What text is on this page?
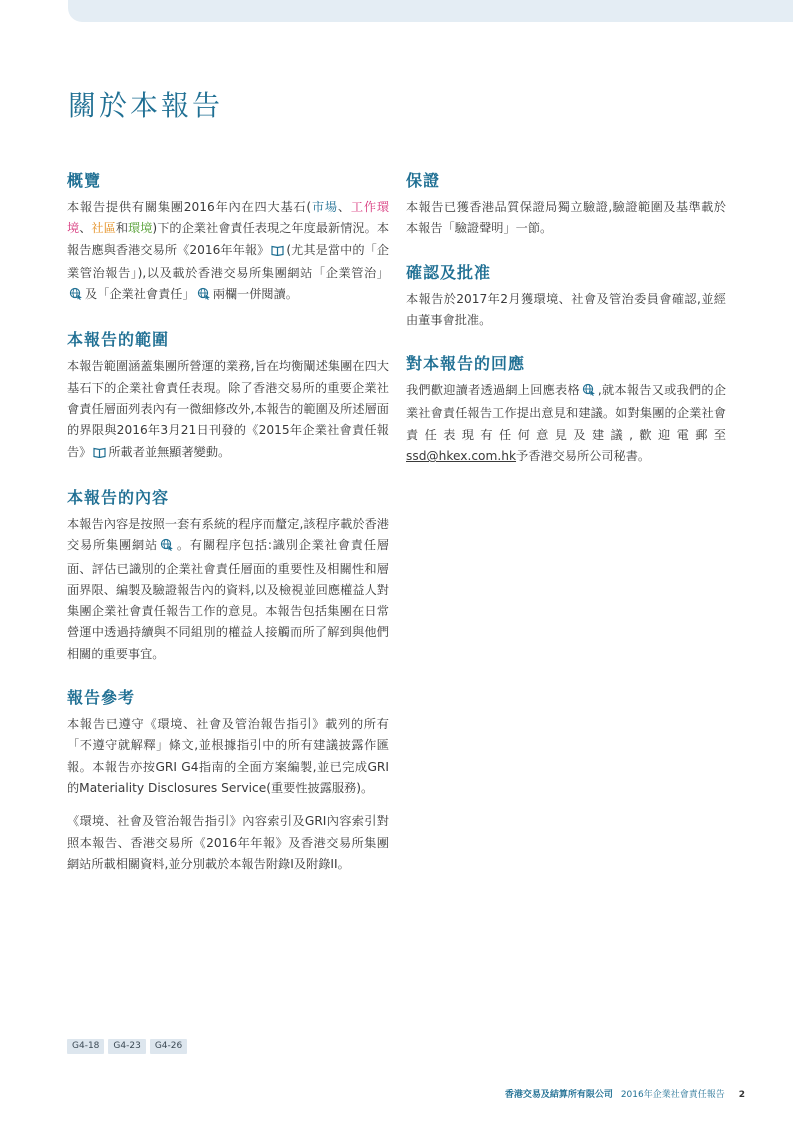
關於本報告
概覽

本報告提供有關集團2016年內在四大基石(市場、工作環境、社區和環境)下的企業社會責任表現之年度最新情況。本報告應與香港交易所《2016年年報》 (尤其是當中的「企業管治報告」),以及載於香港交易所集團網站「企業管治」及「企業社會責任」 兩欄一併閱讀。

本報告的範圍

本報告範圍涵蓋集團所營運的業務,旨在均衡闡述集團在四大基石下的企業社會責任表現。除了香港交易所的重要企業社會責任層面列表內有一微細修改外,本報告的範圍及所述層面的界限與2016年3月21日刊發的《2015年企業社會責任報告》 所載者並無顯著變動。

本報告的內容

本報告內容是按照一套有系統的程序而釐定,該程序載於香港交易所集團網站 。有關程序包括:識別企業社會責任層面、評估已識別的企業社會責任層面的重要性及相關性和層面界限、編製及驗證報告內的資料,以及檢視並回應權益人對集團企業社會責任報告工作的意見。本報告包括集團在日常營運中透過持續與不同組別的權益人接觸而所了解到與他們相關的重要事宜。

報告參考

本報告已遵守《環境、社會及管治報告指引》載列的所有「不遵守就解釋」條文,並根據指引中的所有建議披露作匯報。本報告亦按GRI G4指南的全面方案編製,並已完成GRI的Materiality Disclosures Service(重要性披露服務)。

《環境、社會及管治報告指引》內容索引及GRI內容索引對照本報告、香港交易所《2016年年報》及香港交易所集團網站所載相關資料,並分別載於本報告附錄I及附錄II。

保證

本報告已獲香港品質保證局獨立驗證,驗證範圍及基準載於本報告「驗證聲明」一節。

確認及批准

本報告於2017年2月獲環境、社會及管治委員會確認,並經由董事會批准。

對本報告的回應

我們歡迎讀者透過網上回應表格 ,就本報告又或我們的企業社會責任報告工作提出意見和建議。如對集團的企業社會責任表現有任何意見及建議,歡迎電郵至ssd@hkex.com.hk予香港交易所公司秘書。

G4-18	G4-23	G4-26
香港交易及結算所有限公司 2016年企業社會責任報告 2
